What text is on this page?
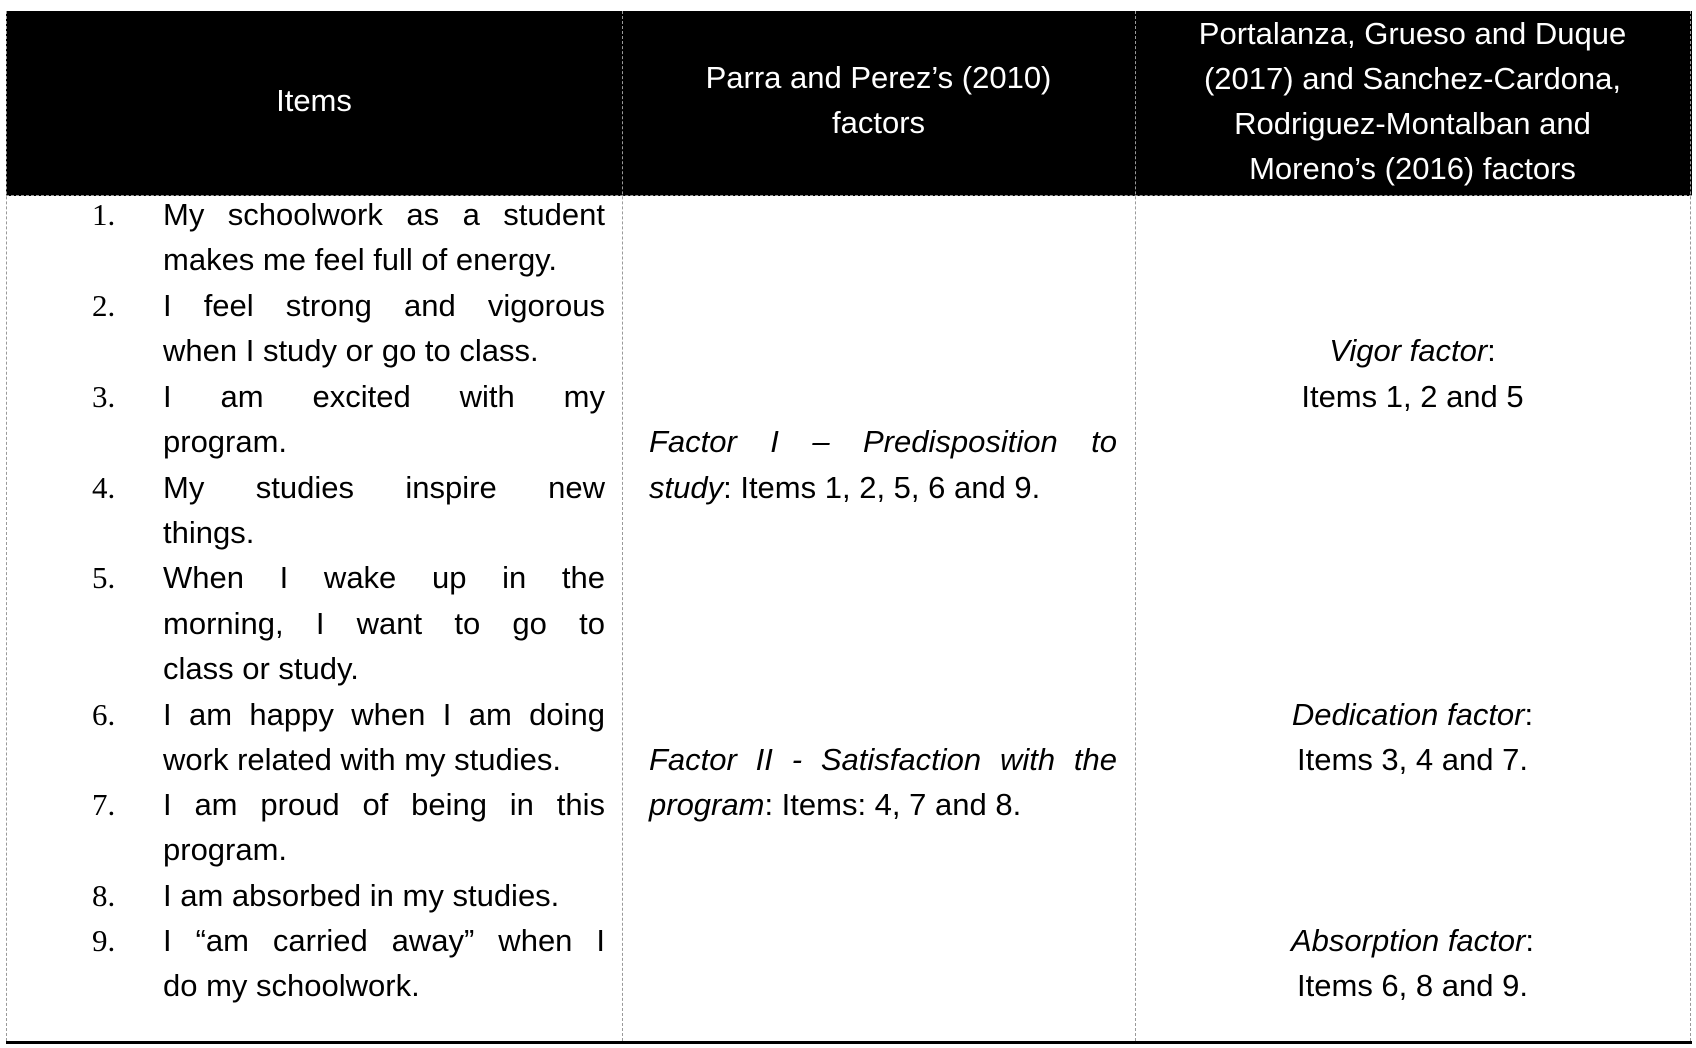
Items
Parra and Perez’s (2010)
factors
Portalanza, Grueso and Duque
(2017) and Sanchez-Cardona,
Rodriguez-Montalban and
Moreno’s (2016) factors
1.
2.
3.
4.
5.
6.
7.
8.
9.
My schoolwork as a student
makes me feel full of energy.
I feel strong and vigorous
when I study or go to class.
I am excited with my
program.
My studies inspire new
things.
When I wake up in the
morning, I want to go to
class or study.
I am happy when I am doing
work related with my studies.
I am proud of being in this
program.
I am absorbed in my studies.
I “am carried away” when I
do my schoolwork.
Factor I – Predisposition to
study: Items 1, 2, 5, 6 and 9.
Factor II - Satisfaction with the
program: Items: 4, 7 and 8.
Vigor factor:
Items 1, 2 and 5
Dedication factor:
Items 3, 4 and 7.
Absorption factor:
Items 6, 8 and 9.
